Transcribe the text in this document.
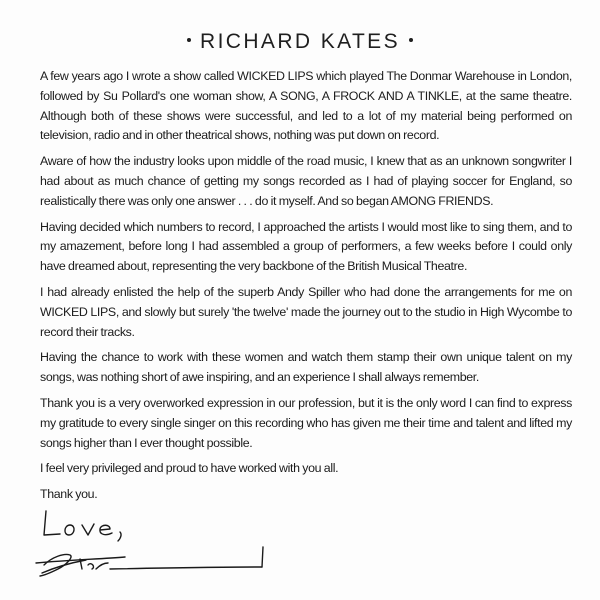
RICHARD KATES

A few years ago I wrote a show called WICKED LIPS which played The Donmar Warehouse in London, followed by Su Pollard's one woman show, A SONG, A FROCK AND A TINKLE, at the same theatre. Although both of these shows were successful, and led to a lot of my material being performed on television, radio and in other theatrical shows, nothing was put down on record.

Aware of how the industry looks upon middle of the road music, I knew that as an unknown songwriter I had about as much chance of getting my songs recorded as I had of playing soccer for England, so realistically there was only one answer . . . do it myself. And so began AMONG FRIENDS.

Having decided which numbers to record, I approached the artists I would most like to sing them, and to my amazement, before long I had assembled a group of performers, a few weeks before I could only have dreamed about, representing the very backbone of the British Musical Theatre.

I had already enlisted the help of the superb Andy Spiller who had done the arrangements for me on WICKED LIPS, and slowly but surely 'the twelve' made the journey out to the studio in High Wycombe to record their tracks.

Having the chance to work with these women and watch them stamp their own unique talent on my songs, was nothing short of awe inspiring, and an experience I shall always remember.

Thank you is a very overworked expression in our profession, but it is the only word I can find to express my gratitude to every single singer on this recording who has given me their time and talent and lifted my songs higher than I ever thought possible.

I feel very privileged and proud to have worked with you all.

Thank you.
